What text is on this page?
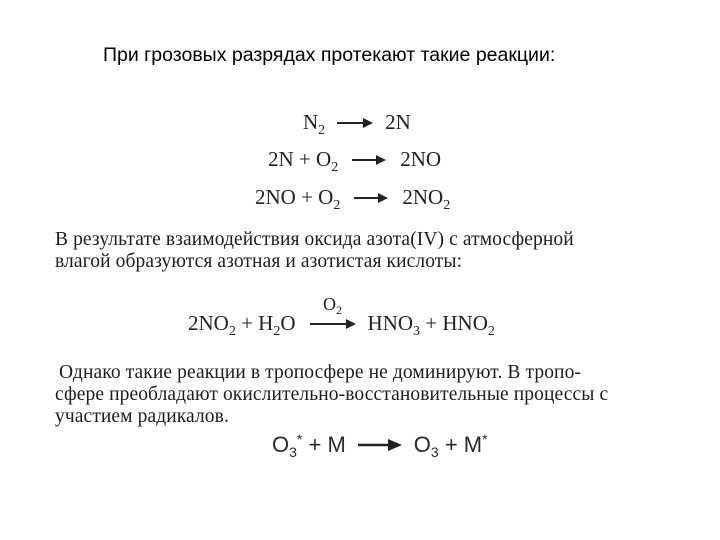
При грозовых разрядах протекают такие реакции:
$N_2 \to 2N$
$2N + O_2 \to 2NO$
$2NO + O_2 \to 2NO_2$
В результате взаимодействия оксида азота(IV) с атмосферной
влагой образуются азотная и азотистая кислоты:
$2NO_2 + H_2O$
$O_2$
$HNO_3 + HNO_2$
Однако такие реакции в тропосфере не доминируют. В тропо-
сфере преобладают окислительно-восстановительные процессы с
участием радикалов.
$O_3^* + M \to O_3 + M^*$
